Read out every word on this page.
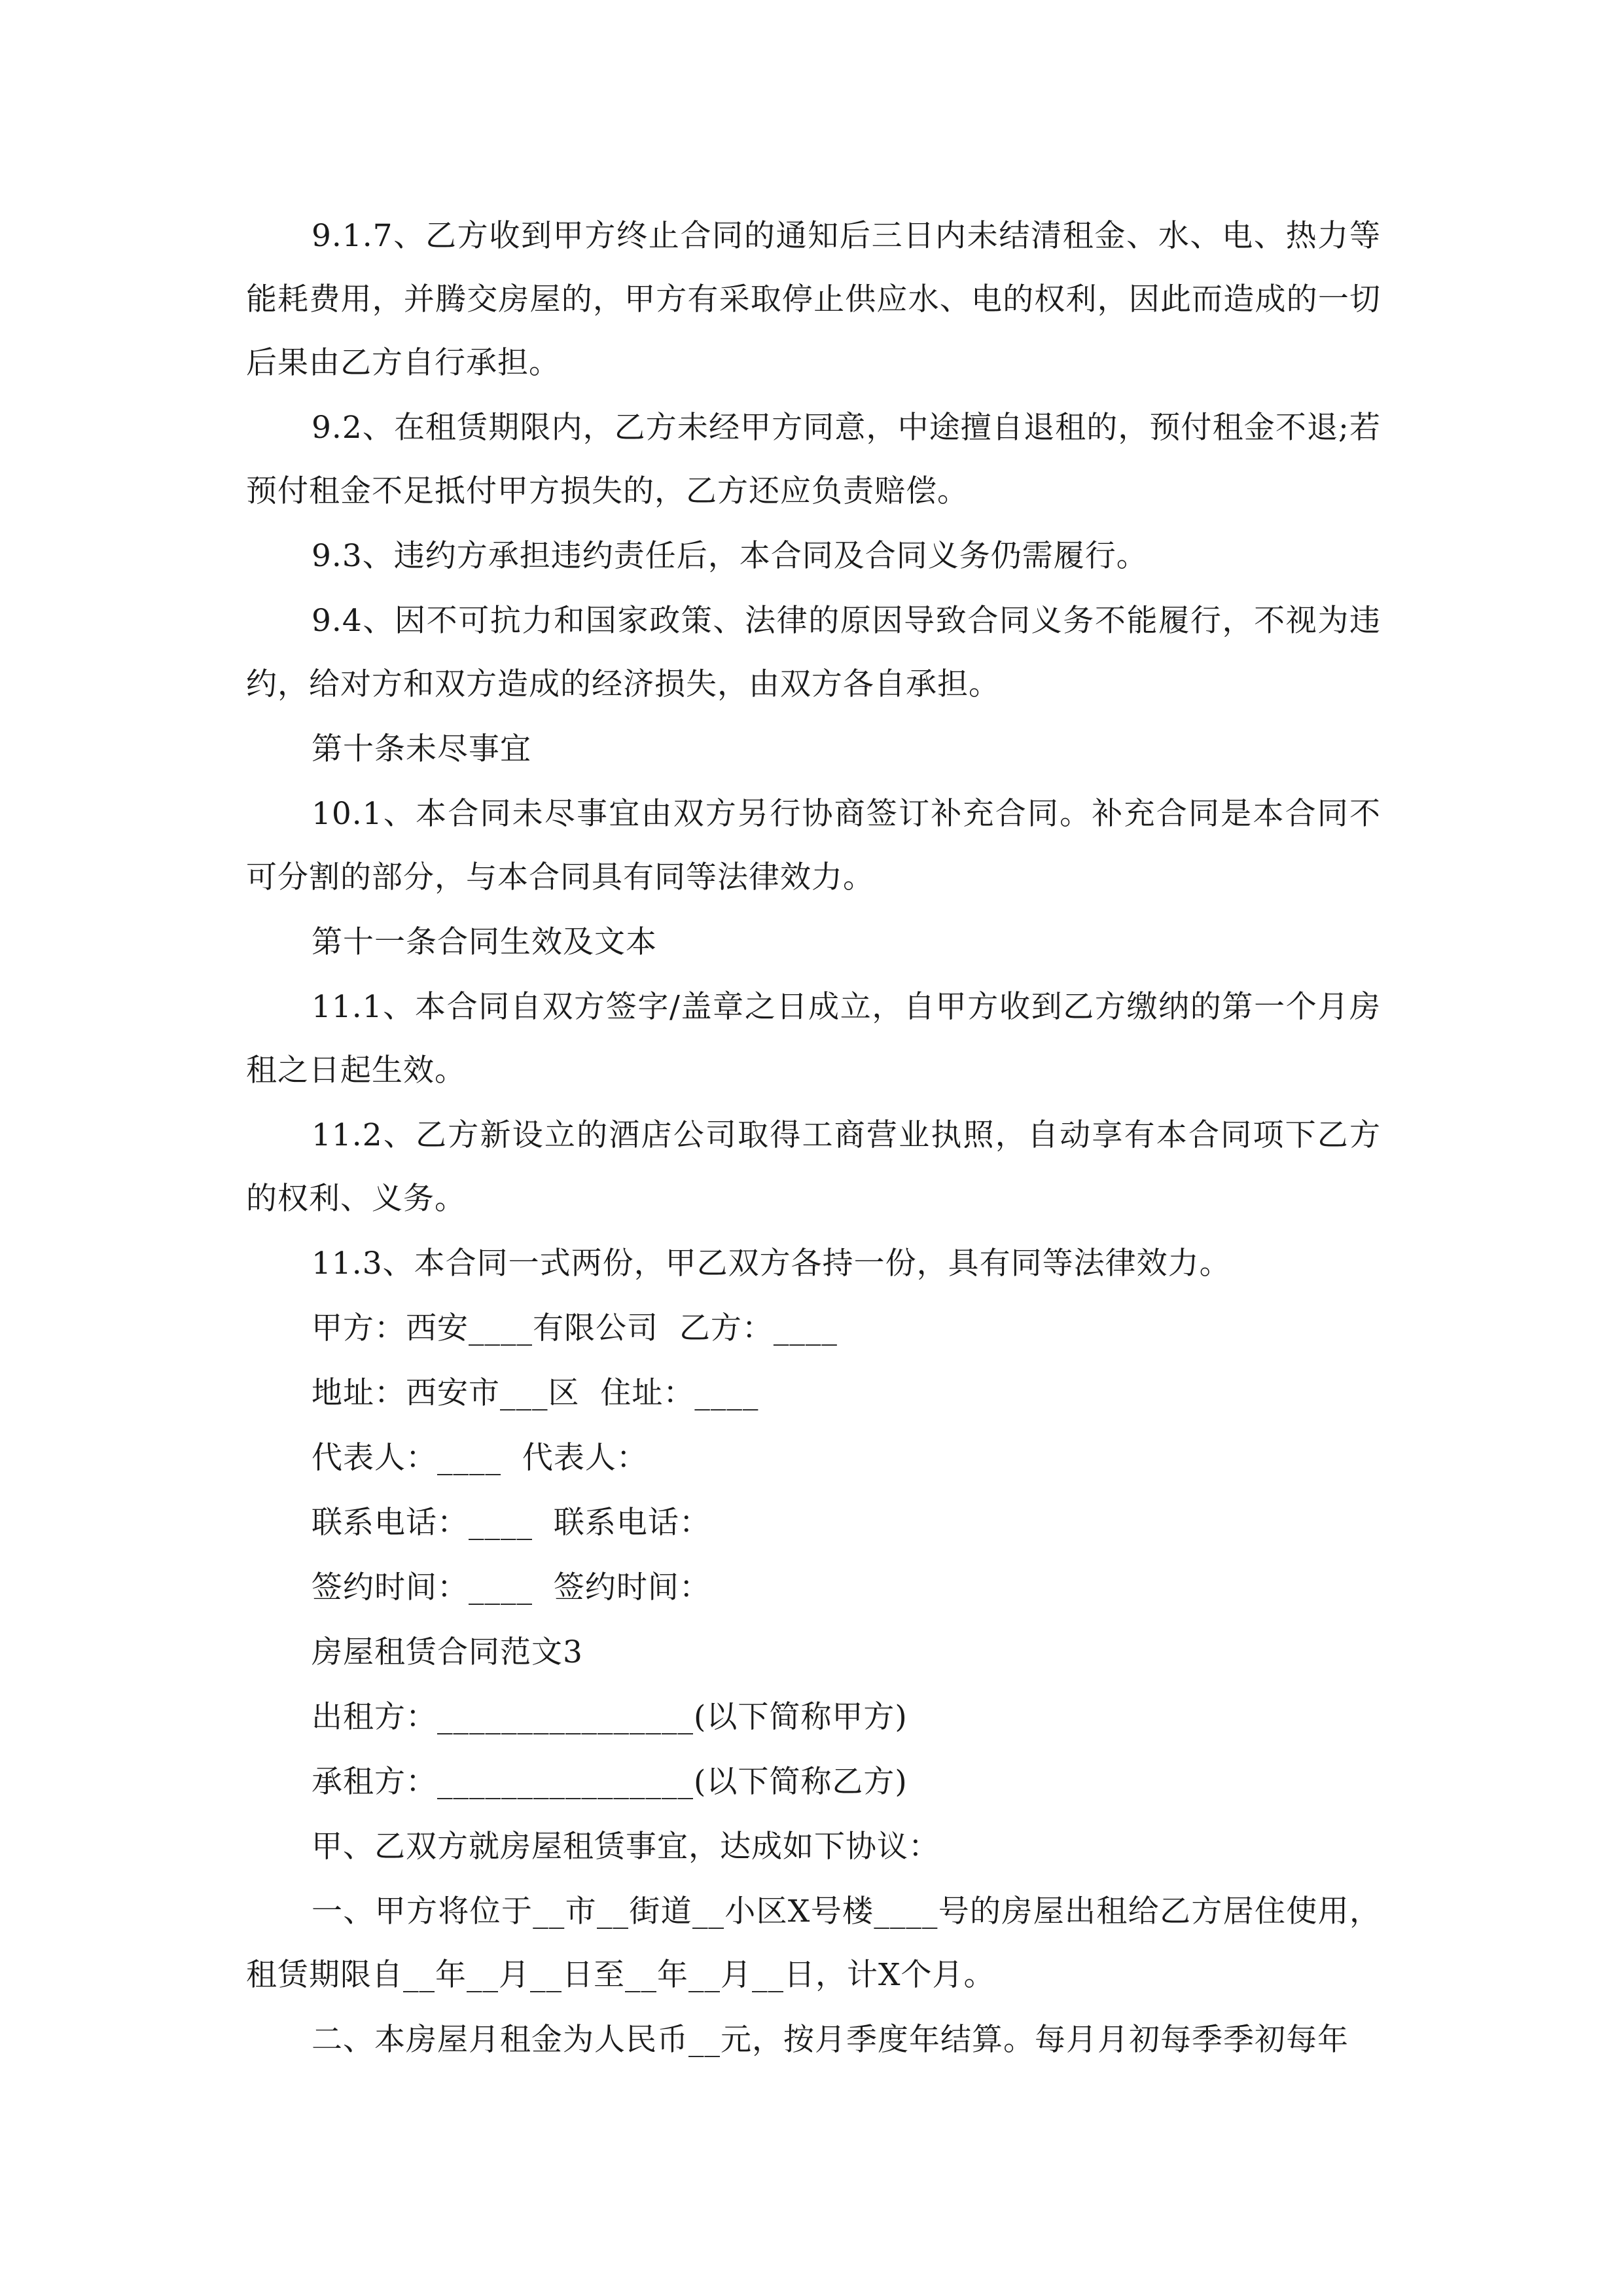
9.1.7、乙方收到甲方终止合同的通知后三日内未结清租金、水、电、热力等能耗费用，并腾交房屋的，甲方有采取停止供应水、电的权利，因此而造成的一切后果由乙方自行承担。

9.2、在租赁期限内，乙方未经甲方同意，中途擅自退租的，预付租金不退;若预付租金不足抵付甲方损失的，乙方还应负责赔偿。

9.3、违约方承担违约责任后，本合同及合同义务仍需履行。

9.4、因不可抗力和国家政策、法律的原因导致合同义务不能履行，不视为违约，给对方和双方造成的经济损失，由双方各自承担。

第十条未尽事宜

10.1、本合同未尽事宜由双方另行协商签订补充合同。补充合同是本合同不可分割的部分，与本合同具有同等法律效力。

第十一条合同生效及文本

11.1、本合同自双方签字/盖章之日成立，自甲方收到乙方缴纳的第一个月房租之日起生效。

11.2、乙方新设立的酒店公司取得工商营业执照，自动享有本合同项下乙方的权利、义务。

11.3、本合同一式两份，甲乙双方各持一份，具有同等法律效力。

甲方：西安____有限公司  乙方：____

地址：西安市___区  住址：____

代表人：____  代表人：

联系电话：____  联系电话：

签约时间：____  签约时间：

房屋租赁合同范文3

出租方：________________(以下简称甲方)

承租方：________________(以下简称乙方)

甲、乙双方就房屋租赁事宜，达成如下协议：

一、甲方将位于__市__街道__小区X号楼____号的房屋出租给乙方居住使用，租赁期限自__年__月__日至__年__月__日，计X个月。

二、本房屋月租金为人民币__元，按月季度年结算。每月月初每季季初每年
